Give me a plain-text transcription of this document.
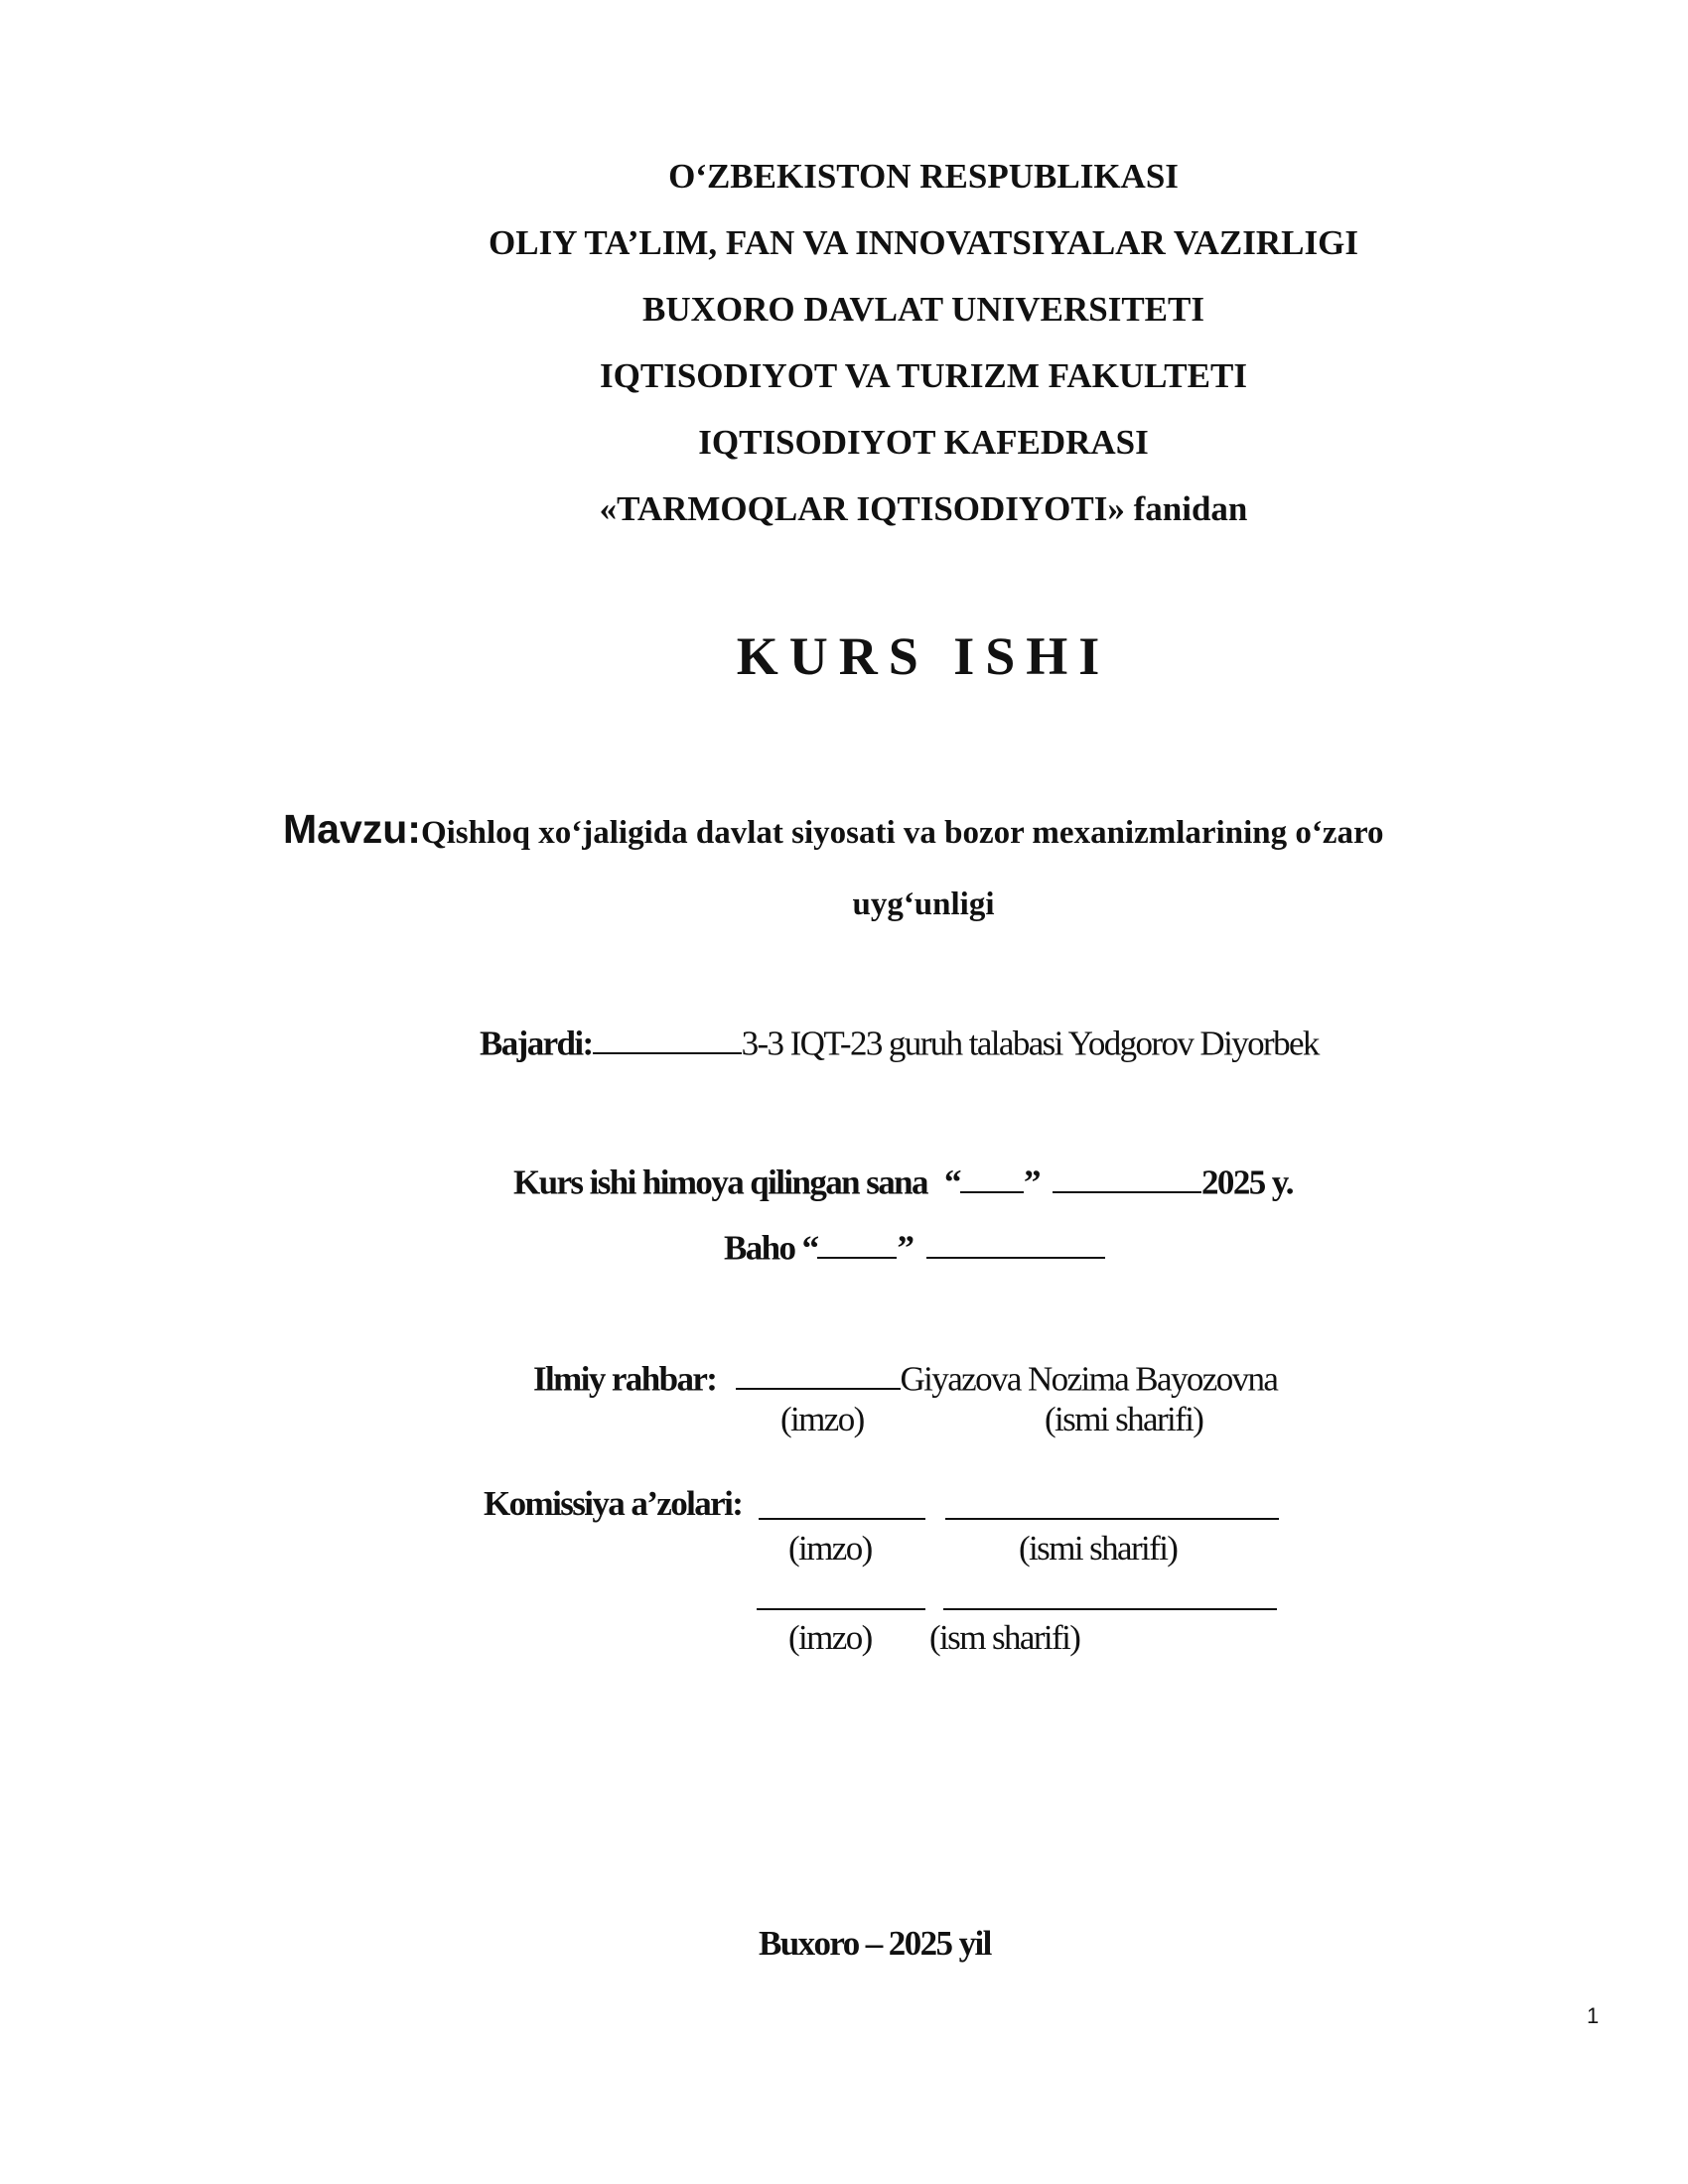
O‘ZBEKISTON RESPUBLIKASI
OLIY TA’LIM, FAN VA INNOVATSIYALAR VAZIRLIGI
BUXORO DAVLAT UNIVERSITETI
IQTISODIYOT VA TURIZM FAKULTETI
IQTISODIYOT KAFEDRASI
«TARMOQLAR IQTISODIYOTI» fanidan
KURS ISHI
Mavzu:Qishloq xo‘jaligida davlat siyosati va bozor mexanizmlarining o‘zaro
uyg‘unligi
Bajardi:	3-3 IQT-23 guruh talabasi Yodgorov Diyorbek
Kurs ishi himoya qilingan sana “ ”	2025 y.
Baho “ ”
Ilmiy rahbar:	Giyazova Nozima Bayozovna
(imzo)	(ismi sharifi)
Komissiya a’zolari:
(imzo)	(ismi sharifi)
(imzo) (ism sharifi)
Buxoro – 2025 yil
1
